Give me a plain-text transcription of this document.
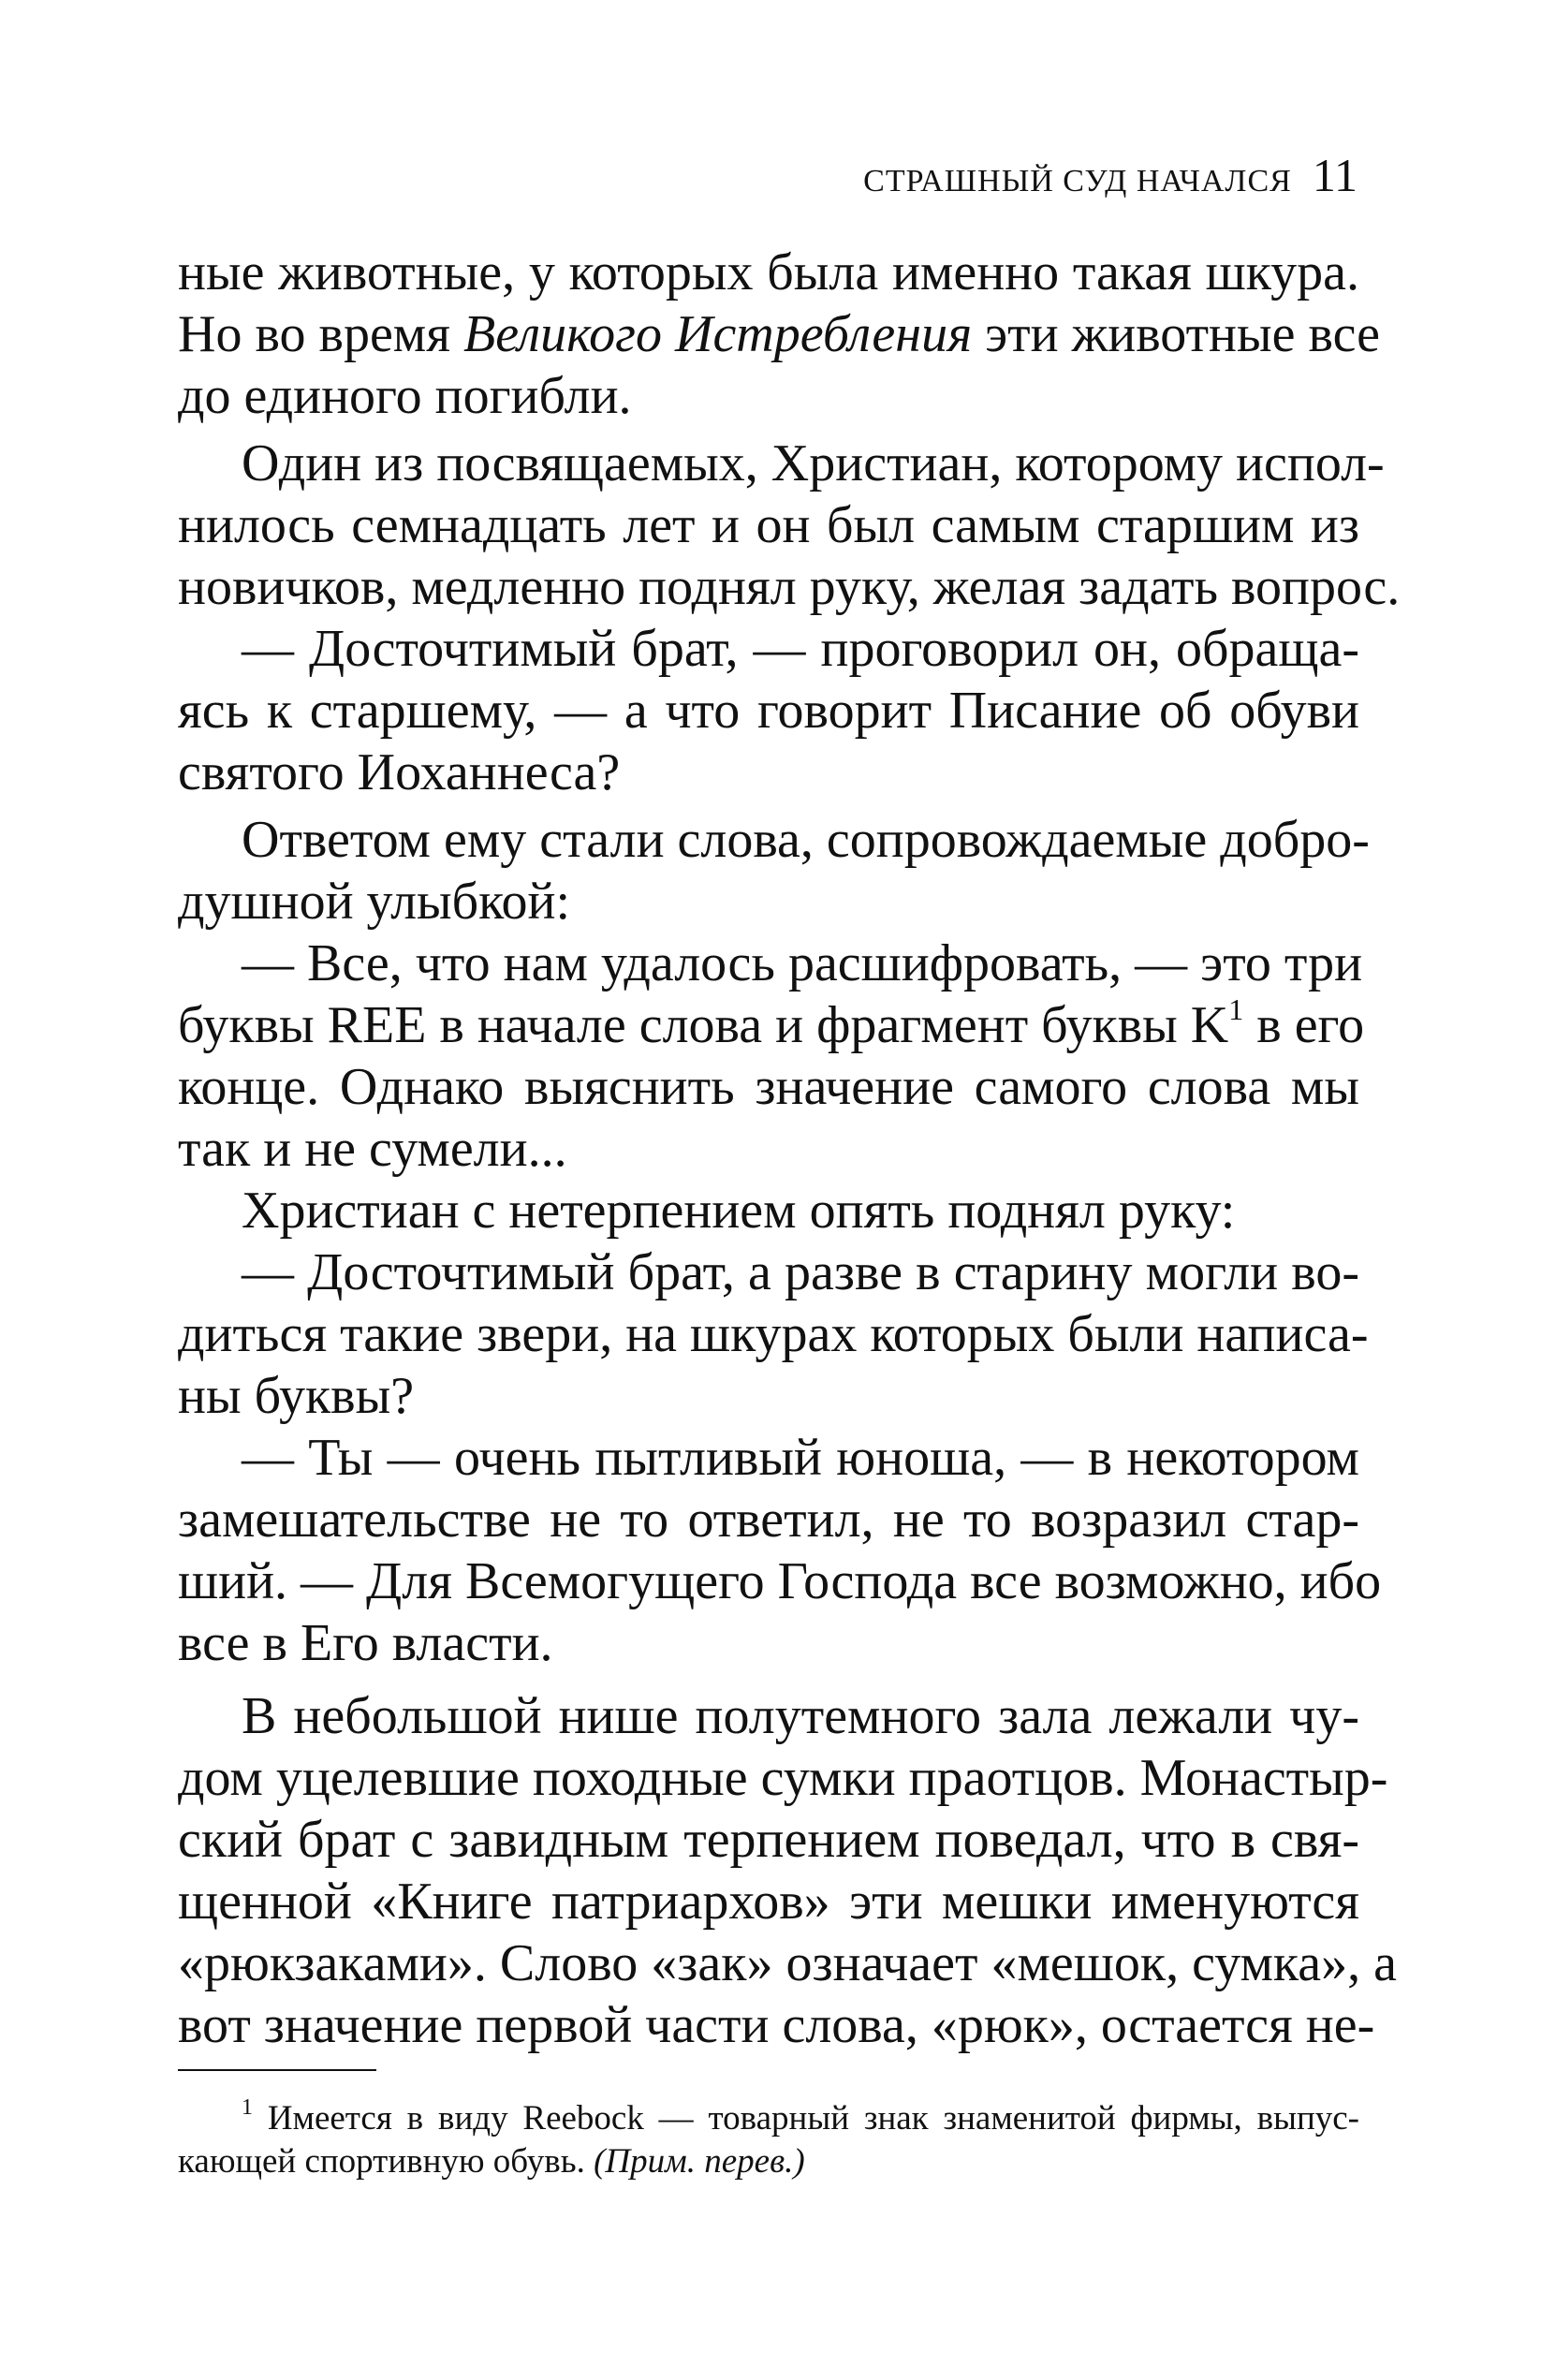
СТРАШНЫЙ СУД НАЧАЛСЯ 11
ные животные, у которых была именно такая шкура.
Но во время Великого Истребления эти животные все
до единого погибли.
Один из посвящаемых, Христиан, которому испол-
нилось семнадцать лет и он был самым старшим из
новичков, медленно поднял руку, желая задать вопрос.
— Досточтимый брат, — проговорил он, обраща-
ясь к старшему, — а что говорит Писание об обуви
святого Иоханнеса?
Ответом ему стали слова, сопровождаемые добро-
душной улыбкой:
— Все, что нам удалось расшифровать, — это три
буквы REE в начале слова и фрагмент буквы $K^1$ в его
конце. Однако выяснить значение самого слова мы
так и не сумели...
Христиан с нетерпением опять поднял руку:
— Досточтимый брат, а разве в старину могли во-
диться такие звери, на шкурах которых были написа-
ны буквы?
— Ты — очень пытливый юноша, — в некотором
замешательстве не то ответил, не то возразил стар-
ший. — Для Всемогущего Господа все возможно, ибо
все в Его власти.
В небольшой нише полутемного зала лежали чу-
дом уцелевшие походные сумки праотцов. Монастыр-
ский брат с завидным терпением поведал, что в свя-
щенной «Книге патриархов» эти мешки именуются
«рюкзаками». Слово «зак» означает «мешок, сумка», а
вот значение первой части слова, «рюк», остается не-
$^1$ Имеется в виду Reebock — товарный знак знаменитой фирмы, выпус-
кающей спортивную обувь. (Прим. перев.)
